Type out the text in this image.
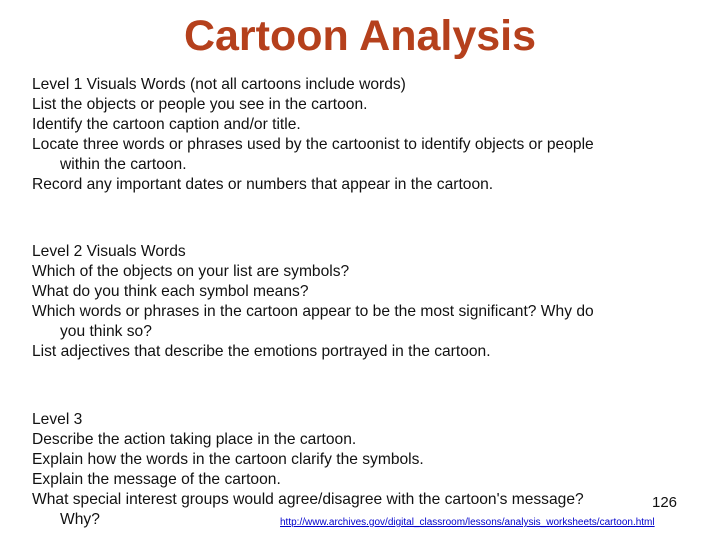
Cartoon Analysis
Level 1 Visuals Words (not all cartoons include words)
List the objects or people you see in the cartoon.
Identify the cartoon caption and/or title.
Locate three words or phrases used by the cartoonist to identify objects or people
within the cartoon.
Record any important dates or numbers that appear in the cartoon.
Level 2 Visuals Words
Which of the objects on your list are symbols?
What do you think each symbol means?
Which words or phrases in the cartoon appear to be the most significant? Why do
you think so?
List adjectives that describe the emotions portrayed in the cartoon.
Level 3
Describe the action taking place in the cartoon.
Explain how the words in the cartoon clarify the symbols.
Explain the message of the cartoon.
What special interest groups would agree/disagree with the cartoon's message?
Why?
126
http://www.archives.gov/digital_classroom/lessons/analysis_worksheets/cartoon.html
